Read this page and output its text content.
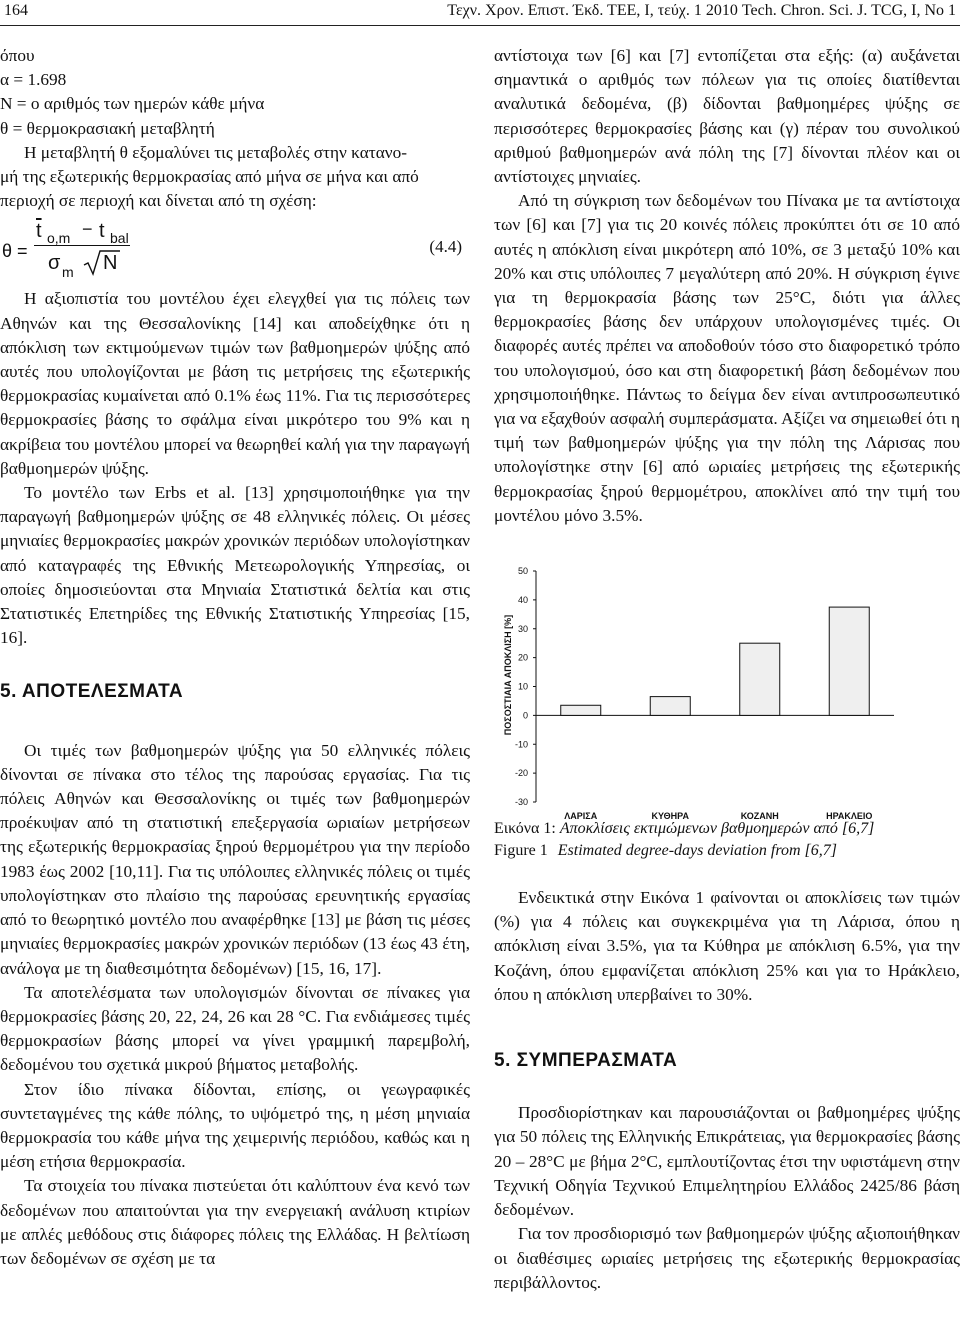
164	Τεχν. Χρον. Επιστ. Έκδ. ΤΕΕ, Ι, τεύχ. 1 2010 Tech. Chron. Sci. J. TCG, I, No 1
όπου
α = 1.698
N = ο αριθμός των ημερών κάθε μήνα
θ = θερμοκρασιακή μεταβλητή
Η μεταβλητή θ εξομαλύνει τις μεταβολές στην κατανο-
μή της εξωτερικής θερμοκρασίας από μήνα σε μήνα και από
περιοχή σε περιοχή και δίνεται από τη σχέση:
θ =
$\overline{t}$ o,m − t bal
σ m N
(4.4)

Η αξιοπιστία του μοντέλου έχει ελεγχθεί για τις πόλεις των Αθηνών και της Θεσσαλονίκης [14] και αποδείχθηκε ότι η απόκλιση των εκτιμούμενων τιμών των βαθμοημερών ψύξης από αυτές που υπολογίζονται με βάση τις μετρήσεις της εξωτερικής θερμοκρασίας κυμαίνεται από 0.1% έως 11%. Για τις περισσότερες θερμοκρασίες βάσης το σφάλμα είναι μικρότερο του 9% και η ακρίβεια του μοντέλου μπορεί να θεωρηθεί καλή για την παραγωγή βαθμοημερών ψύξης.

Το μοντέλο των Erbs et al. [13] χρησιμοποιήθηκε για την παραγωγή βαθμοημερών ψύξης σε 48 ελληνικές πόλεις. Οι μέσες μηνιαίες θερμοκρασίες μακρών χρονικών περιόδων υπολογίστηκαν από καταγραφές της Εθνικής Μετεωρολογικής Υπηρεσίας, οι οποίες δημοσιεύονται στα Μηνιαία Στατιστικά δελτία και στις Στατιστικές Επετηρίδες της Εθνικής Στατιστικής Υπηρεσίας [15, 16].

5. ΑΠΟΤΕΛΕΣΜΑΤΑ

Οι τιμές των βαθμοημερών ψύξης για 50 ελληνικές πόλεις δίνονται σε πίνακα στο τέλος της παρούσας εργασίας. Για τις πόλεις Αθηνών και Θεσσαλονίκης οι τιμές των βαθμοημερών προέκυψαν από τη στατιστική επεξεργασία ωριαίων μετρήσεων της εξωτερικής θερμοκρασίας ξηρού θερμομέτρου για την περίοδο 1983 έως 2002 [10,11]. Για τις υπόλοιπες ελληνικές πόλεις οι τιμές υπολογίστηκαν στο πλαίσιο της παρούσας ερευνητικής εργασίας από το θεωρητικό μοντέλο που αναφέρθηκε [13] με βάση τις μέσες μηνιαίες θερμοκρασίες μακρών χρονικών περιόδων (13 έως 43 έτη, ανάλογα με τη διαθεσιμότητα δεδομένων) [15, 16, 17].

Τα αποτελέσματα των υπολογισμών δίνονται σε πίνακες για θερμοκρασίες βάσης 20, 22, 24, 26 και 28 °C. Για ενδιάμεσες τιμές θερμοκρασίων βάσης μπορεί να γίνει γραμμική παρεμβολή, δεδομένου του σχετικά μικρού βήματος μεταβολής.

Στον ίδιο πίνακα δίδονται, επίσης, οι γεωγραφικές συντεταγμένες της κάθε πόλης, το υψόμετρό της, η μέση μηνιαία θερμοκρασία του κάθε μήνα της χειμερινής περιόδου, καθώς και η μέση ετήσια θερμοκρασία.

Τα στοιχεία του πίνακα πιστεύεται ότι καλύπτουν ένα κενό των δεδομένων που απαιτούνται για την ενεργειακή ανάλυση κτιρίων με απλές μεθόδους στις διάφορες πόλεις της Ελλάδας. Η βελτίωση των δεδομένων σε σχέση με τα

αντίστοιχα των [6] και [7] εντοπίζεται στα εξής: (α) αυξάνεται σημαντικά ο αριθμός των πόλεων για τις οποίες διατίθενται αναλυτικά δεδομένα, (β) δίδονται βαθμοημέρες ψύξης σε περισσότερες θερμοκρασίες βάσης και (γ) πέραν του συνολικού αριθμού βαθμοημερών ανά πόλη της [7] δίνονται πλέον και οι αντίστοιχες μηνιαίες.

Από τη σύγκριση των δεδομένων του Πίνακα με τα αντίστοιχα των [6] και [7] για τις 20 κοινές πόλεις προκύπτει ότι σε 10 από αυτές η απόκλιση είναι μικρότερη από 10%, σε 3 μεταξύ 10% και 20% και στις υπόλοιπες 7 μεγαλύτερη από 20%. Η σύγκριση έγινε για τη θερμοκρασία βάσης των 25°C, διότι για άλλες θερμοκρασίες βάσης δεν υπάρχουν υπολογισμένες τιμές. Οι διαφορές αυτές πρέπει να αποδοθούν τόσο στο διαφορετικό τρόπο του υπολογισμού, όσο και στη διαφορετική βάση δεδομένων που χρησιμοποιήθηκε. Πάντως το δείγμα δεν είναι αντιπροσωπευτικό για να εξαχθούν ασφαλή συμπεράσματα. Αξίζει να σημειωθεί ότι η τιμή των βαθμοημερών ψύξης για την πόλη της Λάρισας που υπολογίστηκε στην [6] από ωριαίες μετρήσεις της εξωτερικής θερμοκρασίας ξηρού θερμομέτρου, αποκλίνει από την τιμή του μοντέλου μόνο 3.5%.

Εικόνα 1: Αποκλίσεις εκτιμώμενων βαθμοημερών από [6,7]
Figure 1 Estimated degree-days deviation from [6,7]

Ενδεικτικά στην Εικόνα 1 φαίνονται οι αποκλίσεις των τιμών (%) για 4 πόλεις και συγκεκριμένα για τη Λάρισα, όπου η απόκλιση είναι 3.5%, για τα Κύθηρα με απόκλιση 6.5%, για την Κοζάνη, όπου εμφανίζεται απόκλιση 25% και για το Ηράκλειο, όπου η απόκλιση υπερβαίνει το 30%.

5. ΣΥΜΠΕΡΑΣΜΑΤΑ

Προσδιορίστηκαν και παρουσιάζονται οι βαθμοημέρες ψύξης για 50 πόλεις της Ελληνικής Επικράτειας, για θερμοκρασίες βάσης 20 – 28°C με βήμα 2°C, εμπλουτίζοντας έτσι την υφιστάμενη στην Τεχνική Οδηγία Τεχνικού Επιμελητηρίου Ελλάδος 2425/86 βάση δεδομένων.

Για τον προσδιορισμό των βαθμοημερών ψύξης αξιοποιήθηκαν οι διαθέσιμες ωριαίες μετρήσεις της εξωτερικής θερμοκρασίας περιβάλλοντος.

ΠΟΣΟΣΤΙΑΙΑ ΑΠΟΚΛΙΣΗ [%]
50
40
30
20
10
0
-10
-20
-30
ΛΑΡΙΣΑ	ΚΥΘΗΡΑ	ΚΟΖΑΝΗ	ΗΡΑΚΛΕΙΟ
